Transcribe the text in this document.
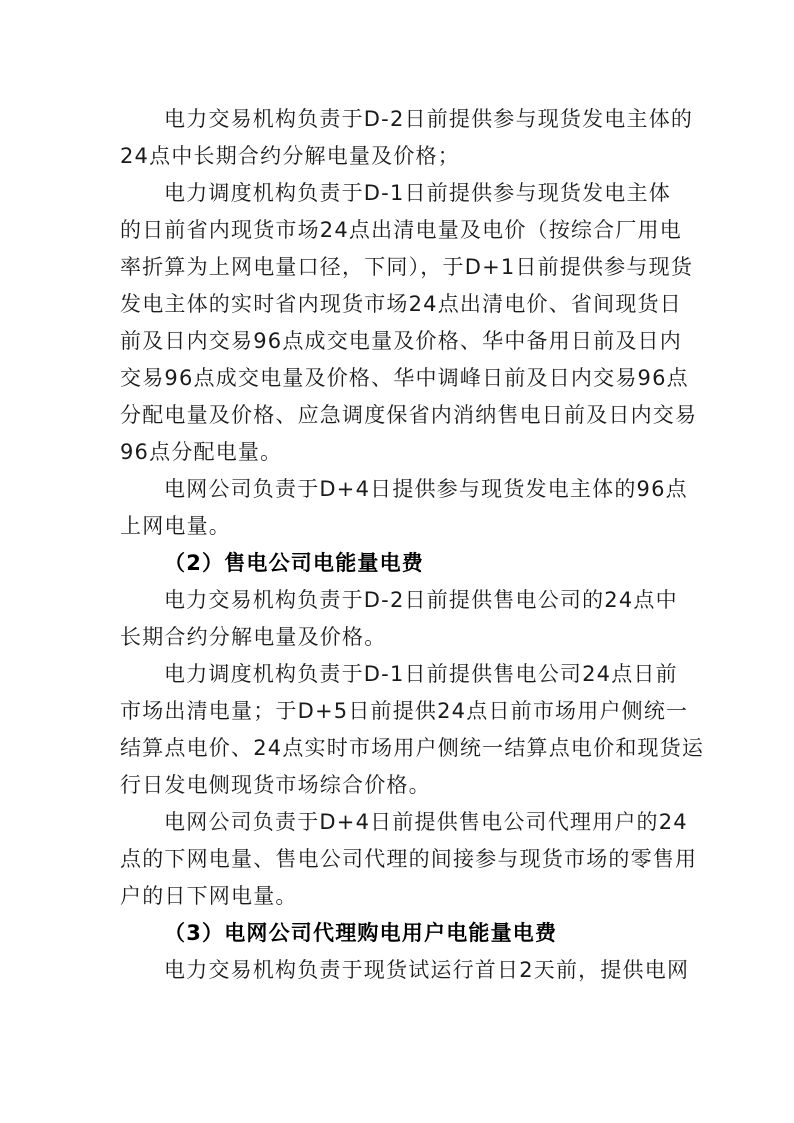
电力交易机构负责于D-2日前提供参与现货发电主体的
24点中长期合约分解电量及价格；
电力调度机构负责于D-1日前提供参与现货发电主体
的日前省内现货市场24点出清电量及电价（按综合厂用电
率折算为上网电量口径，下同），于D+1日前提供参与现货
发电主体的实时省内现货市场24点出清电价、省间现货日
前及日内交易96点成交电量及价格、华中备用日前及日内
交易96点成交电量及价格、华中调峰日前及日内交易96点
分配电量及价格、应急调度保省内消纳售电日前及日内交易
96点分配电量。
电网公司负责于D+4日提供参与现货发电主体的96点
上网电量。
（2）售电公司电能量电费
电力交易机构负责于D-2日前提供售电公司的24点中
长期合约分解电量及价格。
电力调度机构负责于D-1日前提供售电公司24点日前
市场出清电量；于D+5日前提供24点日前市场用户侧统一
结算点电价、24点实时市场用户侧统一结算点电价和现货运
行日发电侧现货市场综合价格。
电网公司负责于D+4日前提供售电公司代理用户的24
点的下网电量、售电公司代理的间接参与现货市场的零售用
户的日下网电量。
（3）电网公司代理购电用户电能量电费
电力交易机构负责于现货试运行首日2天前，提供电网
